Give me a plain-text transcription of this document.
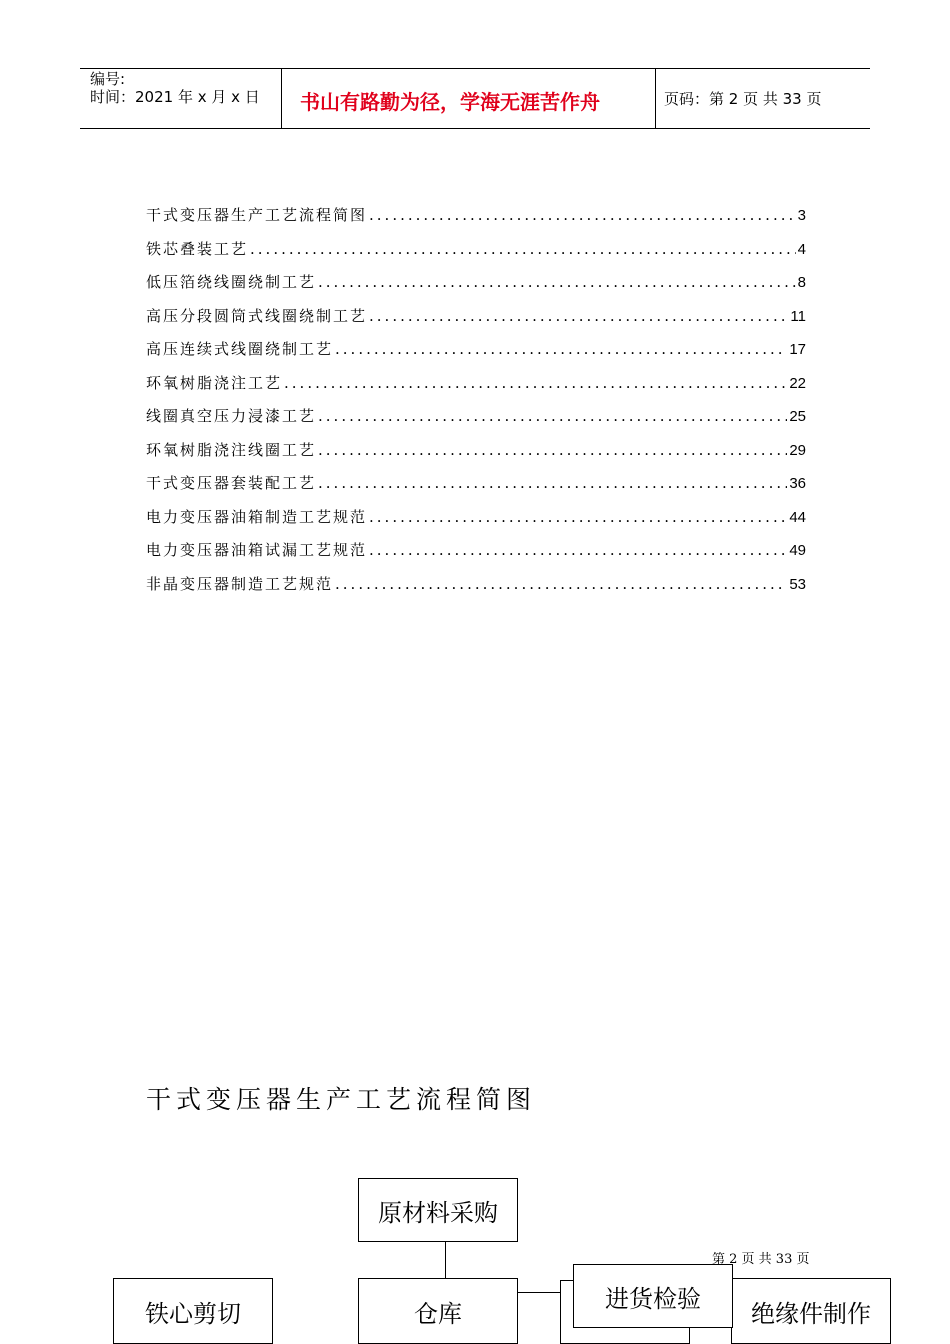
编号:
时间：2021 年 x 月 x 日 书山有路勤为径，学海无涯苦作舟	页码：第 2 页 共 33 页
干式变压器生产工艺流程简图 .....	3
铁芯叠装工艺 .....	4
低压箔绕线圈绕制工艺 .....	8
高压分段圆筒式线圈绕制工艺 .....	11
高压连续式线圈绕制工艺 .....	17
环氧树脂浇注工艺 .....	22
线圈真空压力浸漆工艺 .....	25
环氧树脂浇注线圈工艺 .....	29
干式变压器套装配工艺 .....	36
电力变压器油箱制造工艺规范 .....	44
电力变压器油箱试漏工艺规范 .....	49
非晶变压器制造工艺规范 .....	53
干式变压器生产工艺流程简图
原材料采购
铁心剪切	仓库	绝缘件制作
进货检验
第 2 页 共 33 页
